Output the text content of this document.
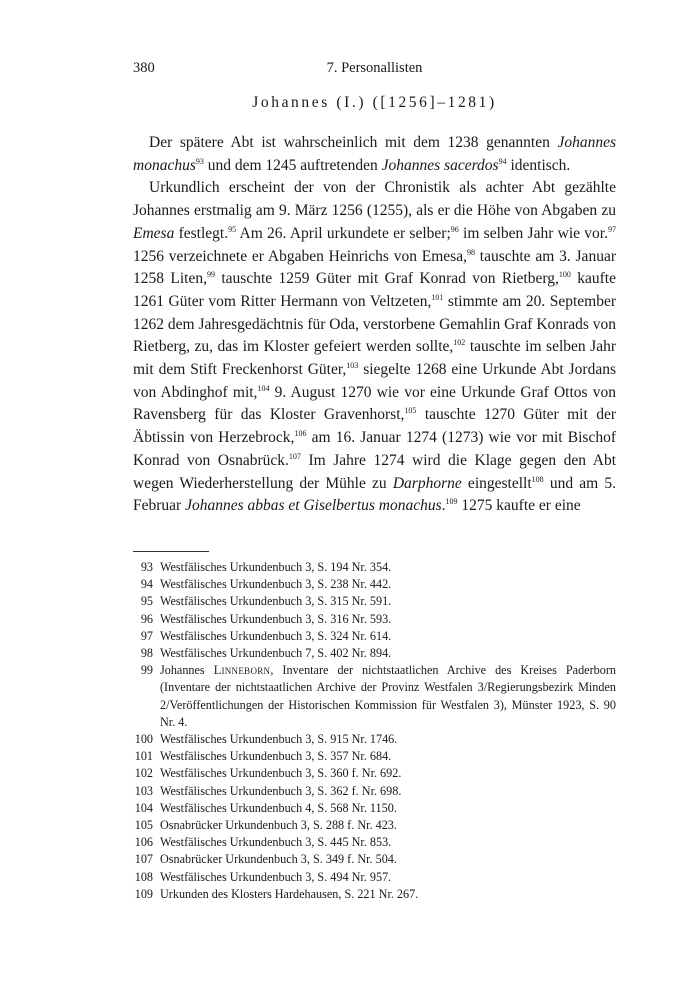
380	7. Personallisten
Johannes (I.) ([1256]–1281)

Der spätere Abt ist wahrscheinlich mit dem 1238 genannten Johannes monachus$^{93}$ und dem 1245 auftretenden Johannes sacerdos$^{94}$ identisch.

Urkundlich erscheint der von der Chronistik als achter Abt gezählte Johannes erstmalig am 9. März 1256 (1255), als er die Höhe von Abgaben zu Emesa festlegt.$^{95}$ Am 26. April urkundete er selber;$^{96}$ im selben Jahr wie vor.$^{97}$ 1256 verzeichnete er Abgaben Heinrichs von Emesa,$^{98}$ tauschte am 3. Januar 1258 Liten,$^{99}$ tauschte 1259 Güter mit Graf Konrad von Rietberg,$^{100}$ kaufte 1261 Güter vom Ritter Hermann von Veltzeten,$^{101}$ stimmte am 20. September 1262 dem Jahresgedächtnis für Oda, verstorbene Gemahlin Graf Konrads von Rietberg, zu, das im Kloster gefeiert werden sollte,$^{102}$ tauschte im selben Jahr mit dem Stift Freckenhorst Güter,$^{103}$ siegelte 1268 eine Urkunde Abt Jordans von Abdinghof mit,$^{104}$ 9. August 1270 wie vor eine Urkunde Graf Ottos von Ravensberg für das Kloster Gravenhorst,$^{105}$ tauschte 1270 Güter mit der Äbtissin von Herzebrock,$^{106}$ am 16. Januar 1274 (1273) wie vor mit Bischof Konrad von Osnabrück.$^{107}$ Im Jahre 1274 wird die Klage gegen den Abt wegen Wiederherstellung der Mühle zu Darphorne eingestellt$^{108}$ und am 5. Februar Johannes abbas et Giselbertus monachus.$^{109}$ 1275 kaufte er eine

93 Westfälisches Urkundenbuch 3, S. 194 Nr. 354.
94 Westfälisches Urkundenbuch 3, S. 238 Nr. 442.
95 Westfälisches Urkundenbuch 3, S. 315 Nr. 591.
96 Westfälisches Urkundenbuch 3, S. 316 Nr. 593.
97 Westfälisches Urkundenbuch 3, S. 324 Nr. 614.
98 Westfälisches Urkundenbuch 7, S. 402 Nr. 894.
99 Johannes Linneborn, Inventare der nichtstaatlichen Archive des Kreises Paderborn (Inventare der nichtstaatlichen Archive der Provinz Westfalen 3/Regierungsbezirk Minden 2/Veröffentlichungen der Historischen Kommission für Westfalen 3), Münster 1923, S. 90 Nr. 4.
100 Westfälisches Urkundenbuch 3, S. 915 Nr. 1746.
101 Westfälisches Urkundenbuch 3, S. 357 Nr. 684.
102 Westfälisches Urkundenbuch 3, S. 360 f. Nr. 692.
103 Westfälisches Urkundenbuch 3, S. 362 f. Nr. 698.
104 Westfälisches Urkundenbuch 4, S. 568 Nr. 1150.
105 Osnabrücker Urkundenbuch 3, S. 288 f. Nr. 423.
106 Westfälisches Urkundenbuch 3, S. 445 Nr. 853.
107 Osnabrücker Urkundenbuch 3, S. 349 f. Nr. 504.
108 Westfälisches Urkundenbuch 3, S. 494 Nr. 957.
109 Urkunden des Klosters Hardehausen, S. 221 Nr. 267.
